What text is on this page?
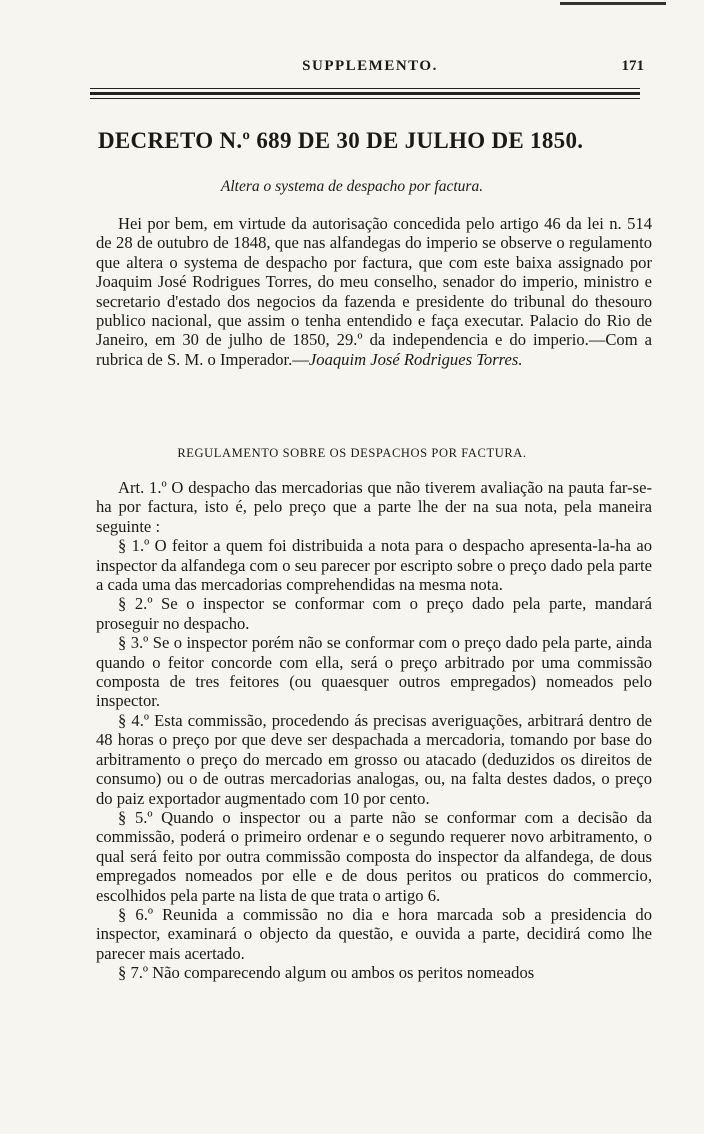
SUPPLEMENTO.	171
DECRETO N.º 689 DE 30 DE JULHO DE 1850.
Altera o systema de despacho por factura.

Hei por bem, em virtude da autorisação concedida pelo artigo 46 da lei n. 514 de 28 de outubro de 1848, que nas alfandegas do imperio se observe o regulamento que altera o systema de despacho por factura, que com este baixa assignado por Joaquim José Rodrigues Torres, do meu conselho, senador do imperio, ministro e secretario d'estado dos negocios da fazenda e presidente do tribunal do thesouro publico nacional, que assim o tenha entendido e faça executar. Palacio do Rio de Janeiro, em 30 de julho de 1850, 29.º da independencia e do imperio.—Com a rubrica de S. M. o Imperador.—Joaquim José Rodrigues Torres.

REGULAMENTO SOBRE OS DESPACHOS POR FACTURA.

Art. 1.º O despacho das mercadorias que não tiverem avaliação na pauta far-se-ha por factura, isto é, pelo preço que a parte lhe der na sua nota, pela maneira seguinte :

§ 1.º O feitor a quem foi distribuida a nota para o despacho apresenta-la-ha ao inspector da alfandega com o seu parecer por escripto sobre o preço dado pela parte a cada uma das mercadorias comprehendidas na mesma nota.

§ 2.º Se o inspector se conformar com o preço dado pela parte, mandará proseguir no despacho.

§ 3.º Se o inspector porém não se conformar com o preço dado pela parte, ainda quando o feitor concorde com ella, será o preço arbitrado por uma commissão composta de tres feitores (ou quaesquer outros empregados) nomeados pelo inspector.

§ 4.º Esta commissão, procedendo ás precisas averiguações, arbitrará dentro de 48 horas o preço por que deve ser despachada a mercadoria, tomando por base do arbitramento o preço do mercado em grosso ou atacado (deduzidos os direitos de consumo) ou o de outras mercadorias analogas, ou, na falta destes dados, o preço do paiz exportador augmentado com 10 por cento.

§ 5.º Quando o inspector ou a parte não se conformar com a decisão da commissão, poderá o primeiro ordenar e o segundo requerer novo arbitramento, o qual será feito por outra commissão composta do inspector da alfandega, de dous empregados nomeados por elle e de dous peritos ou praticos do commercio, escolhidos pela parte na lista de que trata o artigo 6.

§ 6.º Reunida a commissão no dia e hora marcada sob a presidencia do inspector, examinará o objecto da questão, e ouvida a parte, decidirá como lhe parecer mais acertado.

§ 7.º Não comparecendo algum ou ambos os peritos nomeados
